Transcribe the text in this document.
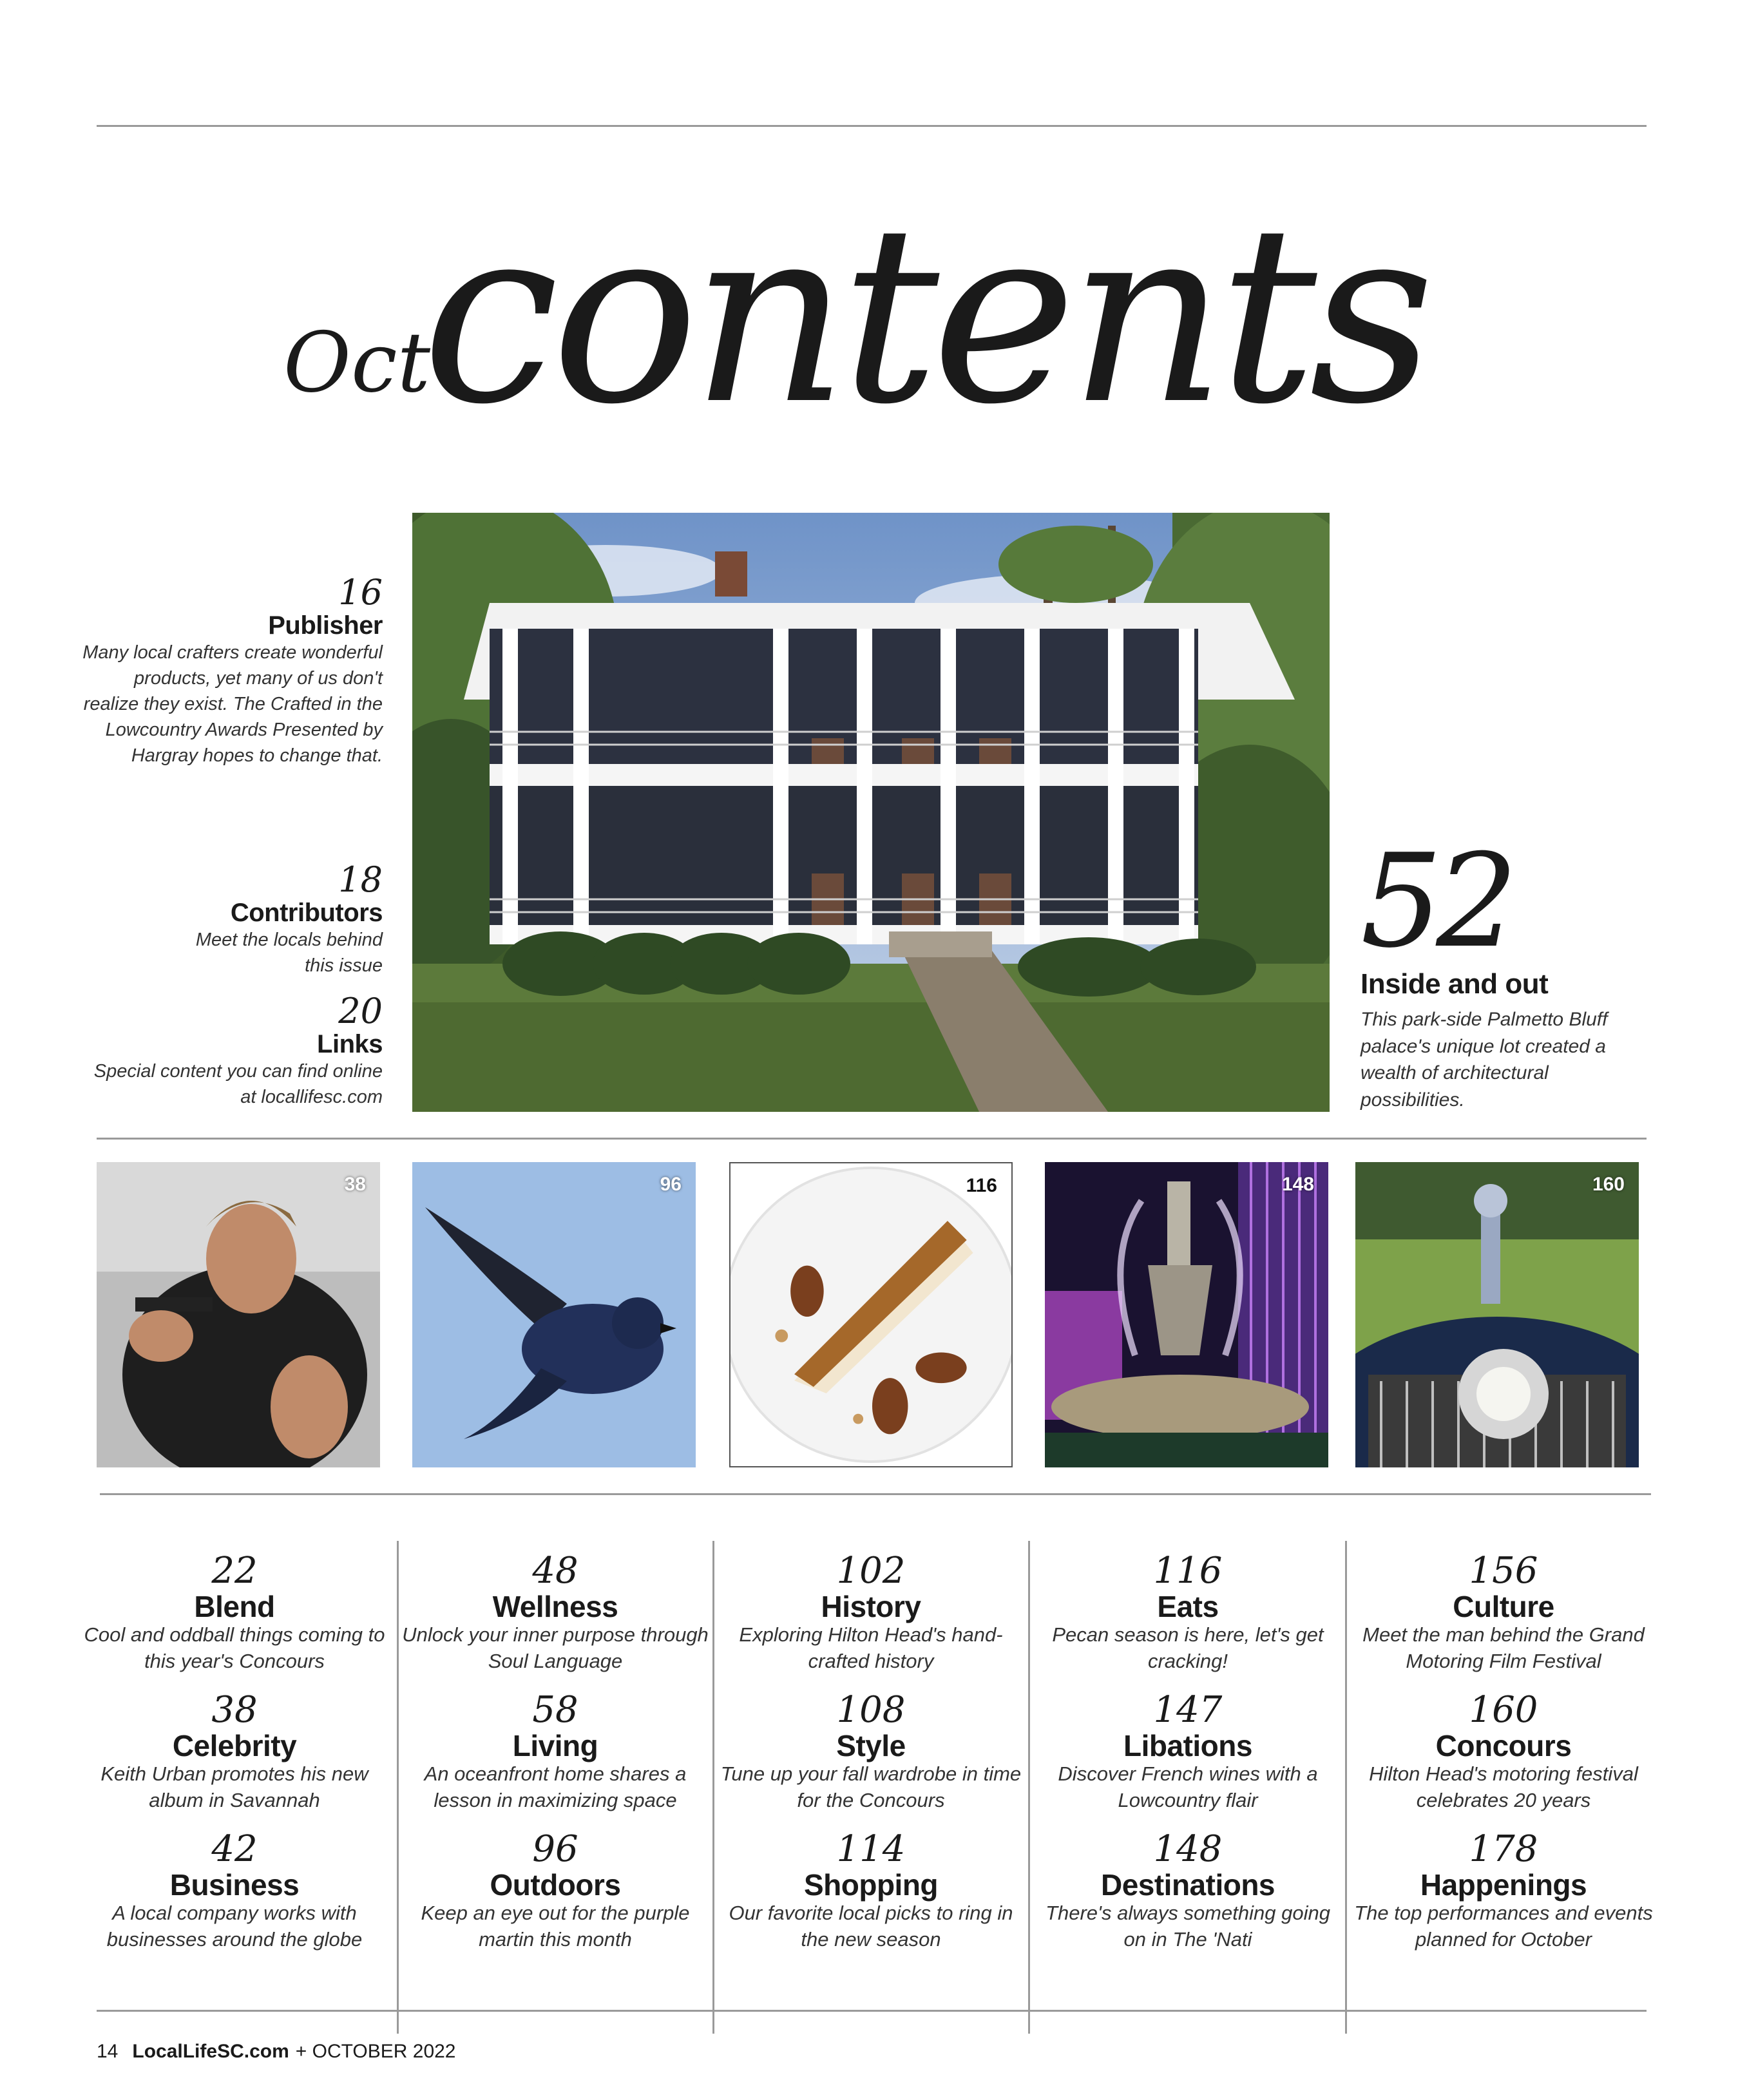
Oct
contents
16
Publisher
Many local crafters create wonderful products, yet many of us don't realize they exist. The Crafted in the Lowcountry Awards Presented by Hargray hopes to change that.
18
Contributors
Meet the locals behind this issue
20
Links
Special content you can find online at locallifesc.com
52
Inside and out
This park-side Palmetto Bluff palace's unique lot created a wealth of architectural possibilities.
38	96	116	148	160
22
Blend
Cool and oddball things coming to this year's Concours
38
Celebrity
Keith Urban promotes his new album in Savannah
42
Business
A local company works with businesses around the globe
48
Wellness
Unlock your inner purpose through Soul Language
58
Living
An oceanfront home shares a lesson in maximizing space
96
Outdoors
Keep an eye out for the purple martin this month
102
History
Exploring Hilton Head's hand-crafted history
108
Style
Tune up your fall wardrobe in time for the Concours
114
Shopping
Our favorite local picks to ring in the new season
116
Eats
Pecan season is here, let's get cracking!
147
Libations
Discover French wines with a Lowcountry flair
148
Destinations
There's always something going on in The 'Nati
156
Culture
Meet the man behind the Grand Motoring Film Festival
160
Concours
Hilton Head's motoring festival celebrates 20 years
178
Happenings
The top performances and events planned for October
14 LocalLifeSC.com + OCTOBER 2022
